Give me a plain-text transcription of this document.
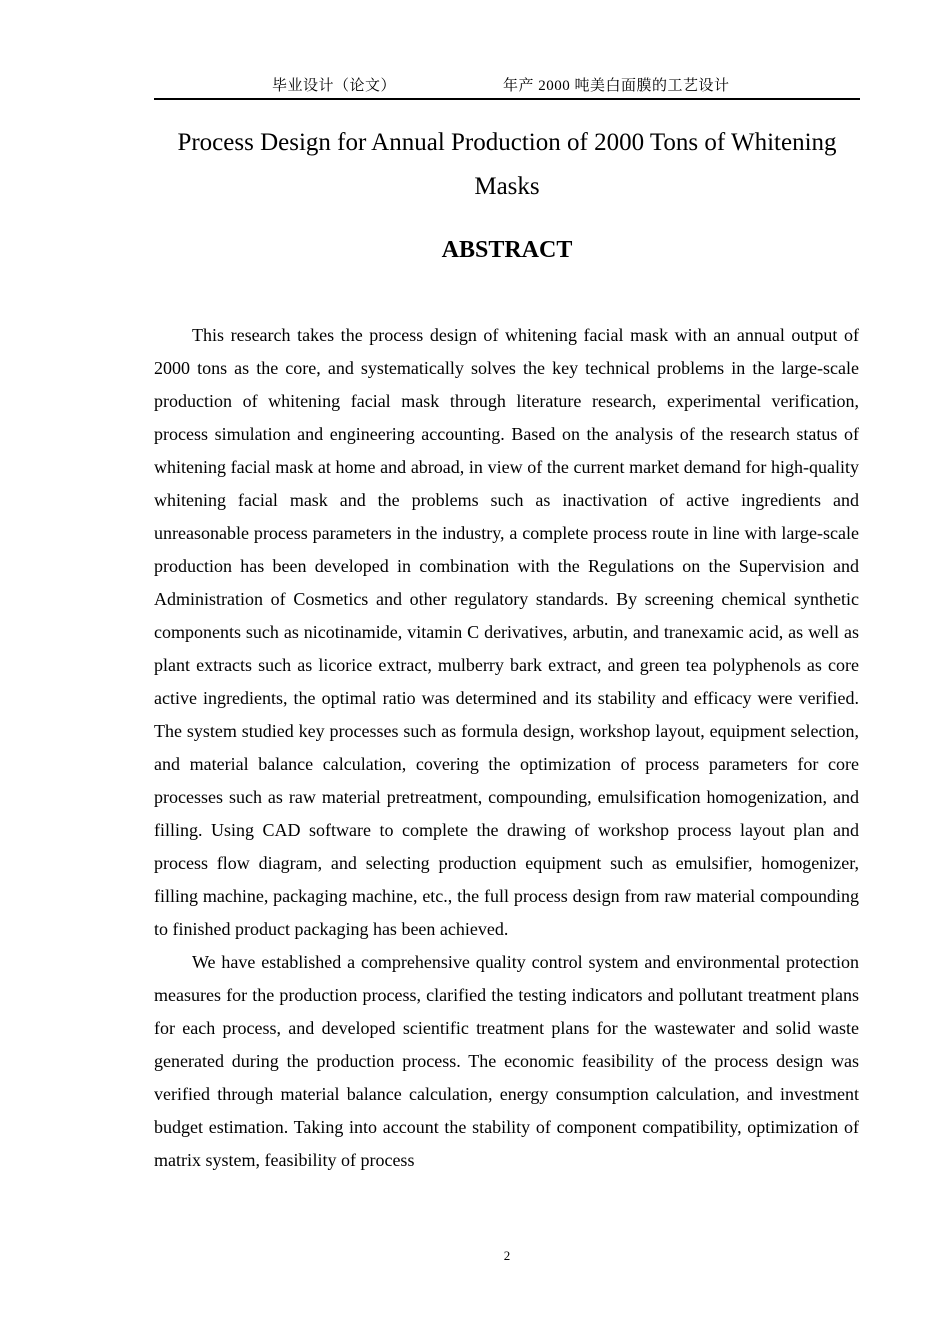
毕业设计（论文）	年产 2000 吨美白面膜的工艺设计
Process Design for Annual Production of 2000 Tons of Whitening Masks
ABSTRACT

This research takes the process design of whitening facial mask with an annual output of 2000 tons as the core, and systematically solves the key technical problems in the large-scale production of whitening facial mask through literature research, experimental verification, process simulation and engineering accounting. Based on the analysis of the research status of whitening facial mask at home and abroad, in view of the current market demand for high-quality whitening facial mask and the problems such as inactivation of active ingredients and unreasonable process parameters in the industry, a complete process route in line with large-scale production has been developed in combination with the Regulations on the Supervision and Administration of Cosmetics and other regulatory standards. By screening chemical synthetic components such as nicotinamide, vitamin C derivatives, arbutin, and tranexamic acid, as well as plant extracts such as licorice extract, mulberry bark extract, and green tea polyphenols as core active ingredients, the optimal ratio was determined and its stability and efficacy were verified. The system studied key processes such as formula design, workshop layout, equipment selection, and material balance calculation, covering the optimization of process parameters for core processes such as raw material pretreatment, compounding, emulsification homogenization, and filling. Using CAD software to complete the drawing of workshop process layout plan and process flow diagram, and selecting production equipment such as emulsifier, homogenizer, filling machine, packaging machine, etc., the full process design from raw material compounding to finished product packaging has been achieved.

We have established a comprehensive quality control system and environmental protection measures for the production process, clarified the testing indicators and pollutant treatment plans for each process, and developed scientific treatment plans for the wastewater and solid waste generated during the production process. The economic feasibility of the process design was verified through material balance calculation, energy consumption calculation, and investment budget estimation. Taking into account the stability of component compatibility, optimization of matrix system, feasibility of process

2
